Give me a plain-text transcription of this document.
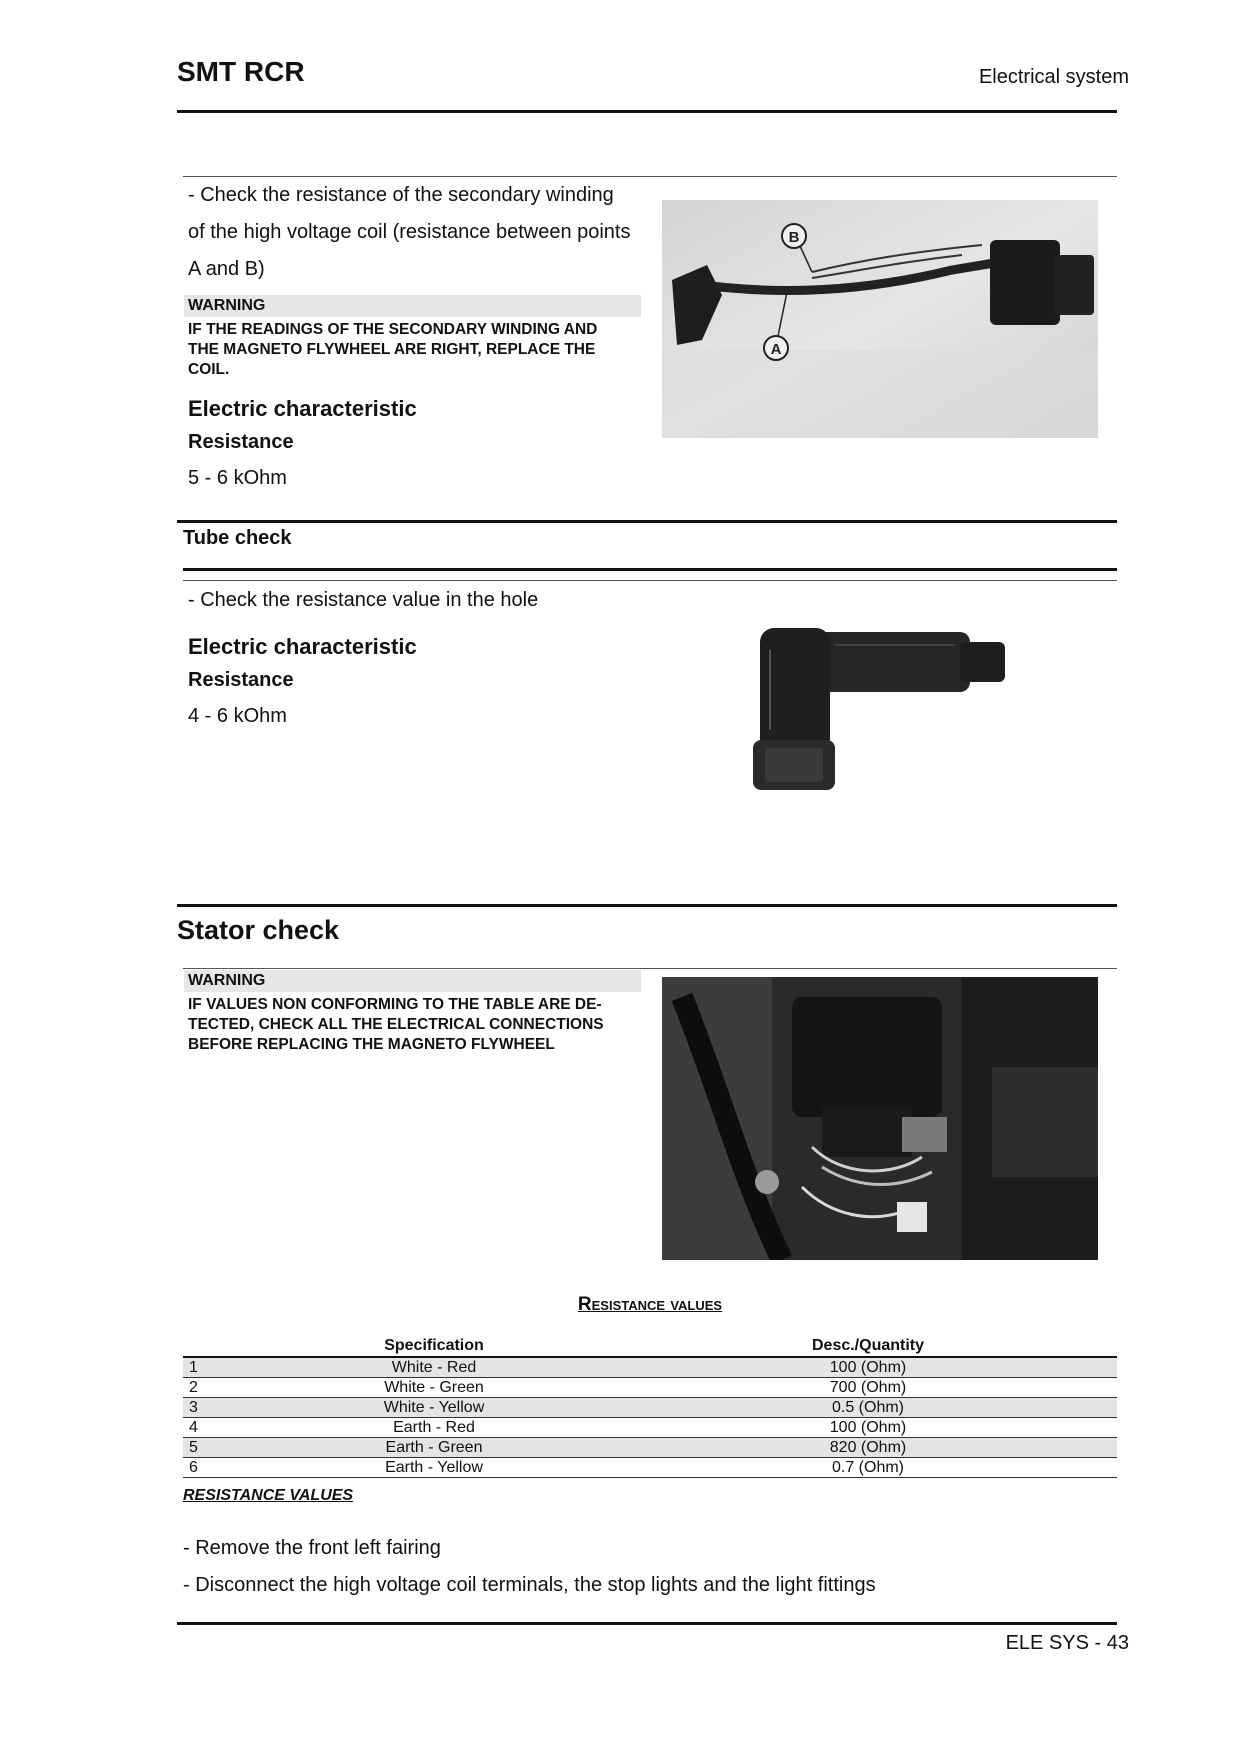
SMT RCR	Electrical system
- Check the resistance of the secondary winding
of the high voltage coil (resistance between points
A and B)
WARNING
IF THE READINGS OF THE SECONDARY WINDING AND
THE MAGNETO FLYWHEEL ARE RIGHT, REPLACE THE
COIL.
Electric characteristic
Resistance
5 - 6 kOhm
B
A
Tube check
- Check the resistance value in the hole
Electric characteristic
Resistance
4 - 6 kOhm
Stator check
WARNING
IF VALUES NON CONFORMING TO THE TABLE ARE DE-
TECTED, CHECK ALL THE ELECTRICAL CONNECTIONS
BEFORE REPLACING THE MAGNETO FLYWHEEL
Resistance values
	Specification	Desc./Quantity
1	White - Red	100 (Ohm)
2	White - Green	700 (Ohm)
3	White - Yellow	0.5 (Ohm)
4	Earth - Red	100 (Ohm)
5	Earth - Green	820 (Ohm)
6	Earth - Yellow	0.7 (Ohm)
RESISTANCE VALUES
- Remove the front left fairing
- Disconnect the high voltage coil terminals, the stop lights and the light fittings
ELE SYS - 43
